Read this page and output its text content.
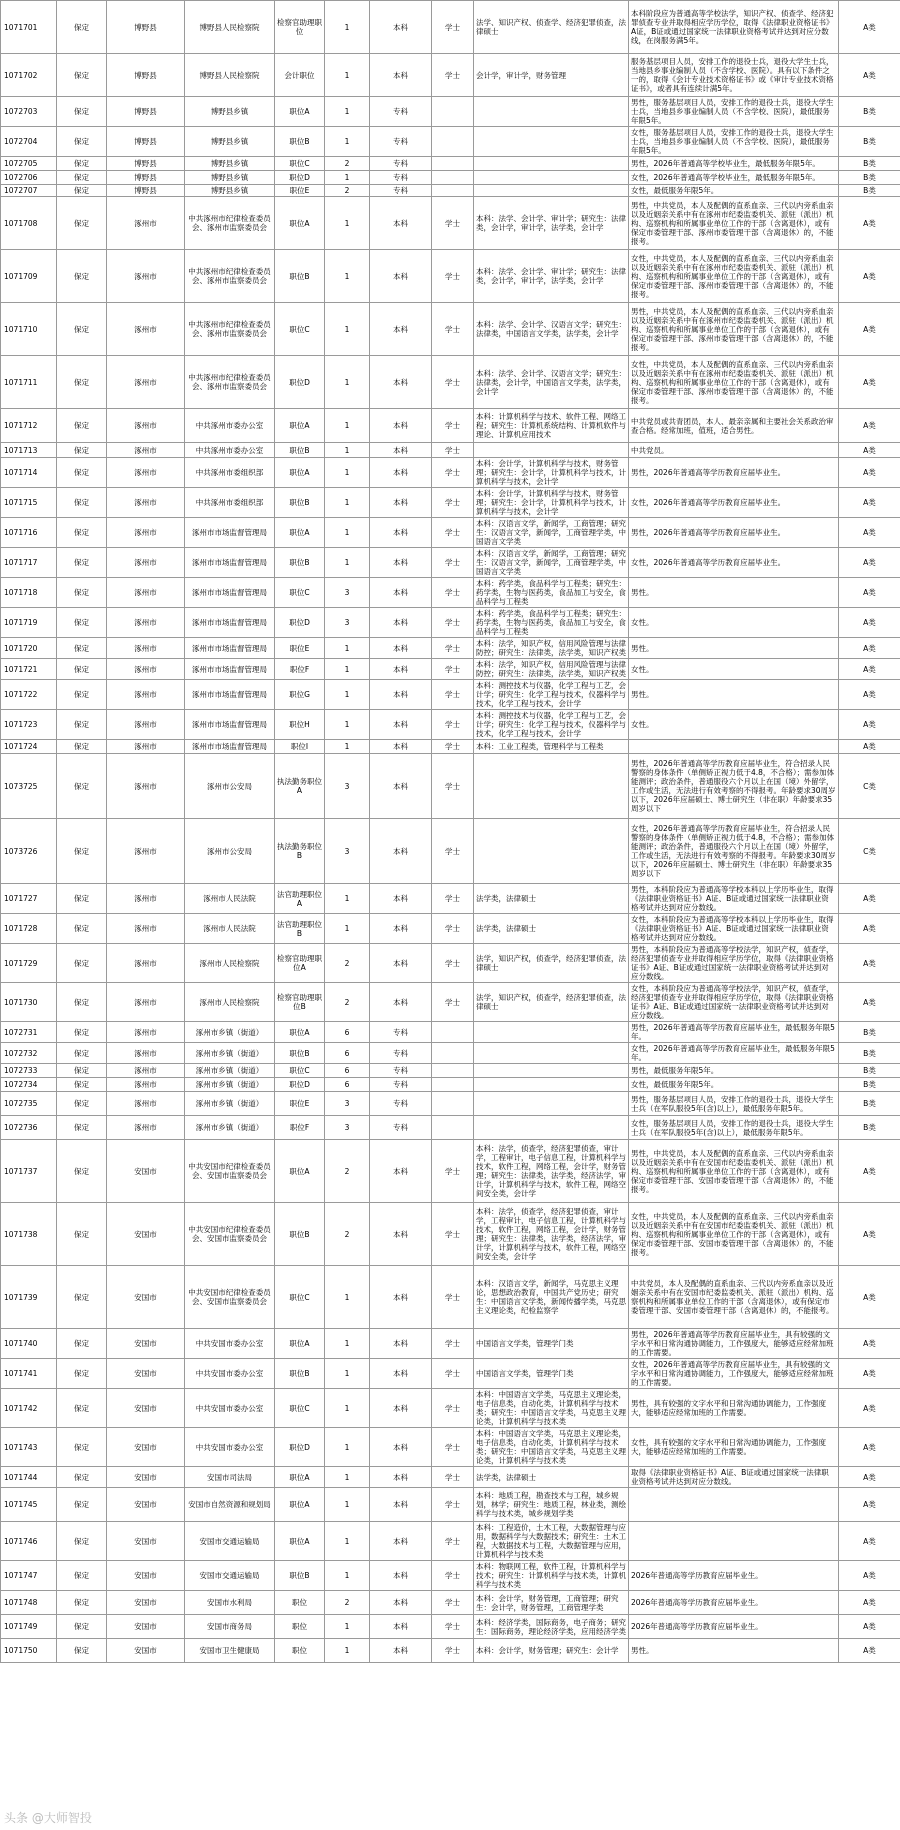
1071701	保定	博野县	博野县人民检察院	检察官助理职位	1	本科	学士	法学、知识产权、侦查学、经济犯罪侦查，法律硕士	本科阶段应为普通高等学校法学，知识产权、侦查学、经济犯罪侦查专业并取得相应学历学位，取得《法律职业资格证书》A证，B证或通过国家统一法律职业资格考试并达到对应分数线，在岗服务满5年。	A类
1071702	保定	博野县	博野县人民检察院	会计职位	1	本科	学士	会计学，审计学，财务管理	服务基层项目人员，安排工作的退役士兵，退役大学生士兵，当地县乡事业编制人员（不含学校、医院）。具有以下条件之一的，取得《会计专业技术资格证书》或《审计专业技术资格证书》，或者具有连续计满5年。	A类
1072703	保定	博野县	博野县乡镇	职位A	1	专科			男性，服务基层项目人员，安排工作的退役士兵，退役大学生士兵，当地县乡事业编制人员（不含学校、医院），最低服务年限5年。	B类
1072704	保定	博野县	博野县乡镇	职位B	1	专科			女性，服务基层项目人员，安排工作的退役士兵，退役大学生士兵，当地县乡事业编制人员（不含学校、医院），最低服务年限5年。	B类
1072705	保定	博野县	博野县乡镇	职位C	2	专科			男性，2026年普通高等学校毕业生，最低服务年限5年。	B类
1072706	保定	博野县	博野县乡镇	职位D	1	专科			女性，2026年普通高等学校毕业生，最低服务年限5年。	B类
1072707	保定	博野县	博野县乡镇	职位E	2	专科			女性，最低服务年限5年。	B类
1071708	保定	涿州市	中共涿州市纪律检查委员会、涿州市监察委员会	职位A	1	本科	学士	本科：法学、会计学、审计学；研究生：法律类，会计学，审计学，法学类，会计学	男性，中共党员，本人及配偶的直系血亲、三代以内旁系血亲以及近姻亲关系中有在涿州市纪委监委机关、派驻（派出）机构、巡察机构和所属事业单位工作的干部（含离退休），或有保定市委管理干部、涿州市委管理干部（含离退休）的，不能报考。	A类
1071709	保定	涿州市	中共涿州市纪律检查委员会、涿州市监察委员会	职位B	1	本科	学士	本科：法学、会计学、审计学；研究生：法律类，会计学，审计学，法学类，会计学	女性，中共党员，本人及配偶的直系血亲、三代以内旁系血亲以及近姻亲关系中有在涿州市纪委监委机关、派驻（派出）机构、巡察机构和所属事业单位工作的干部（含离退休），或有保定市委管理干部、涿州市委管理干部（含离退休）的，不能报考。	A类
1071710	保定	涿州市	中共涿州市纪律检查委员会、涿州市监察委员会	职位C	1	本科	学士	本科：法学、会计学、汉语言文学；研究生：法律类，中国语言文学类，法学类，会计学	男性，中共党员，本人及配偶的直系血亲、三代以内旁系血亲以及近姻亲关系中有在涿州市纪委监委机关、派驻（派出）机构、巡察机构和所属事业单位工作的干部（含离退休），或有保定市委管理干部、涿州市委管理干部（含离退休）的，不能报考。	A类
1071711	保定	涿州市	中共涿州市纪律检查委员会、涿州市监察委员会	职位D	1	本科	学士	本科：法学、会计学、汉语言文学；研究生：法律类，会计学，中国语言文学类，法学类，会计学	女性，中共党员，本人及配偶的直系血亲、三代以内旁系血亲以及近姻亲关系中有在涿州市纪委监委机关、派驻（派出）机构、巡察机构和所属事业单位工作的干部（含离退休），或有保定市委管理干部、涿州市委管理干部（含离退休）的，不能报考。	A类
1071712	保定	涿州市	中共涿州市委办公室	职位A	1	本科	学士	本科：计算机科学与技术、软件工程、网络工程；研究生：计算机系统结构、计算机软件与理论、计算机应用技术	中共党员或共青团员，本人、最亲亲属和主要社会关系政治审查合格。经常加班，值班，适合男性。	A类
1071713	保定	涿州市	中共涿州市委办公室	职位B	1	本科	学士		中共党员。	A类
1071714	保定	涿州市	中共涿州市委组织部	职位A	1	本科	学士	本科：会计学，计算机科学与技术，财务管理；研究生：会计学，计算机科学与技术，计算机科学与技术，会计学	男性，2026年普通高等学历教育应届毕业生。	A类
1071715	保定	涿州市	中共涿州市委组织部	职位B	1	本科	学士	本科：会计学，计算机科学与技术，财务管理；研究生：会计学，计算机科学与技术，计算机科学与技术，会计学	女性，2026年普通高等学历教育应届毕业生。	A类
1071716	保定	涿州市	涿州市市场监督管理局	职位A	1	本科	学士	本科：汉语言文学，新闻学，工商管理；研究生：汉语言文学，新闻学，工商管理学类，中国语言文学类	男性，2026年普通高等学历教育应届毕业生。	A类
1071717	保定	涿州市	涿州市市场监督管理局	职位B	1	本科	学士	本科：汉语言文学，新闻学，工商管理；研究生：汉语言文学，新闻学，工商管理学类，中国语言文学类	女性，2026年普通高等学历教育应届毕业生。	A类
1071718	保定	涿州市	涿州市市场监督管理局	职位C	3	本科	学士	本科：药学类，食品科学与工程类；研究生：药学类，生物与医药类，食品加工与安全，食品科学与工程类	男性。	A类
1071719	保定	涿州市	涿州市市场监督管理局	职位D	3	本科	学士	本科：药学类，食品科学与工程类；研究生：药学类，生物与医药类，食品加工与安全，食品科学与工程类	女性。	A类
1071720	保定	涿州市	涿州市市场监督管理局	职位E	1	本科	学士	本科：法学，知识产权，信用风险管理与法律防控；研究生：法律类，法学类，知识产权类	男性。	A类
1071721	保定	涿州市	涿州市市场监督管理局	职位F	1	本科	学士	本科：法学，知识产权，信用风险管理与法律防控；研究生：法律类，法学类，知识产权类	女性。	A类
1071722	保定	涿州市	涿州市市场监督管理局	职位G	1	本科	学士	本科：测控技术与仪器，化学工程与工艺，会计学；研究生：化学工程与技术，仪器科学与技术，化学工程与技术，会计学	男性。	A类
1071723	保定	涿州市	涿州市市场监督管理局	职位H	1	本科	学士	本科：测控技术与仪器，化学工程与工艺，会计学；研究生：化学工程与技术，仪器科学与技术，化学工程与技术，会计学	女性。	A类
1071724	保定	涿州市	涿州市市场监督管理局	职位I	1	本科	学士	本科：工业工程类，管理科学与工程类		A类
1073725	保定	涿州市	涿州市公安局	执法勤务职位A	3	本科	学士		男性，2026年普通高等学历教育应届毕业生，符合招录人民警察的身体条件（单侧矫正视力低于4.8，不合格）；需参加体能测评；政治条件，普通服役六个月以上在国（境）外留学，工作或生活，无法进行有效考察的不得报考。年龄要求30周岁以下，2026年应届硕士、博士研究生（非在职）年龄要求35周岁以下	C类
1073726	保定	涿州市	涿州市公安局	执法勤务职位B	3	本科	学士		女性，2026年普通高等学历教育应届毕业生，符合招录人民警察的身体条件（单侧矫正视力低于4.8，不合格）；需参加体能测评；政治条件，普通服役六个月以上在国（境）外留学，工作或生活，无法进行有效考察的不得报考。年龄要求30周岁以下，2026年应届硕士、博士研究生（非在职）年龄要求35周岁以下	C类
1071727	保定	涿州市	涿州市人民法院	法官助理职位A	1	本科	学士	法学类，法律硕士	男性，本科阶段应为普通高等学校本科以上学历毕业生，取得《法律职业资格证书》A证、B证或通过国家统一法律职业资格考试并达到对应分数线。	A类
1071728	保定	涿州市	涿州市人民法院	法官助理职位B	1	本科	学士	法学类，法律硕士	女性，本科阶段应为普通高等学校本科以上学历毕业生，取得《法律职业资格证书》A证、B证或通过国家统一法律职业资格考试并达到对应分数线。	A类
1071729	保定	涿州市	涿州市人民检察院	检察官助理职位A	2	本科	学士	法学，知识产权，侦查学，经济犯罪侦查，法律硕士	男性，本科阶段应为普通高等学校法学，知识产权，侦查学，经济犯罪侦查专业并取得相应学历学位，取得《法律职业资格证书》A证、B证或通过国家统一法律职业资格考试并达到对应分数线。	A类
1071730	保定	涿州市	涿州市人民检察院	检察官助理职位B	2	本科	学士	法学，知识产权，侦查学，经济犯罪侦查，法律硕士	女性，本科阶段应为普通高等学校法学，知识产权，侦查学，经济犯罪侦查专业并取得相应学历学位，取得《法律职业资格证书》A证、B证或通过国家统一法律职业资格考试并达到对应分数线。	A类
1072731	保定	涿州市	涿州市乡镇（街道）	职位A	6	专科			男性，2026年普通高等学历教育应届毕业生，最低服务年限5年。	B类
1072732	保定	涿州市	涿州市乡镇（街道）	职位B	6	专科			女性，2026年普通高等学历教育应届毕业生，最低服务年限5年。	B类
1072733	保定	涿州市	涿州市乡镇（街道）	职位C	6	专科			男性，最低服务年限5年。	B类
1072734	保定	涿州市	涿州市乡镇（街道）	职位D	6	专科			女性，最低服务年限5年。	B类
1072735	保定	涿州市	涿州市乡镇（街道）	职位E	3	专科			男性，服务基层项目人员，安排工作的退役士兵，退役大学生士兵（在军队服役5年(含)以上），最低服务年限5年。	B类
1072736	保定	涿州市	涿州市乡镇（街道）	职位F	3	专科			女性，服务基层项目人员，安排工作的退役士兵，退役大学生士兵（在军队服役5年(含)以上），最低服务年限5年。	B类
1071737	保定	安国市	中共安国市纪律检查委员会、安国市监察委员会	职位A	2	本科	学士	本科：法学，侦查学，经济犯罪侦查，审计学，工程审计，电子信息工程，计算机科学与技术，软件工程，网络工程，会计学，财务管理；研究生：法律类，法学类，经济法学，审计学，计算机科学与技术，软件工程，网络空间安全类，会计学	男性，中共党员，本人及配偶的直系血亲、三代以内旁系血亲以及近姻亲关系中有在安国市纪委监委机关、派驻（派出）机构、巡察机构和所属事业单位工作的干部（含离退休），或有保定市委管理干部、安国市委管理干部（含离退休）的，不能报考。	A类
1071738	保定	安国市	中共安国市纪律检查委员会、安国市监察委员会	职位B	2	本科	学士	本科：法学，侦查学，经济犯罪侦查，审计学，工程审计，电子信息工程，计算机科学与技术，软件工程，网络工程，会计学，财务管理；研究生：法律类，法学类，经济法学，审计学，计算机科学与技术，软件工程，网络空间安全类，会计学	女性，中共党员，本人及配偶的直系血亲、三代以内旁系血亲以及近姻亲关系中有在安国市纪委监委机关、派驻（派出）机构、巡察机构和所属事业单位工作的干部（含离退休），或有保定市委管理干部、安国市委管理干部（含离退休）的，不能报考。	A类
1071739	保定	安国市	中共安国市纪律检查委员会、安国市监察委员会	职位C	1	本科	学士	本科：汉语言文学，新闻学，马克思主义理论，思想政治教育，中国共产党历史；研究生：中国语言文学类，新闻传播学类，马克思主义理论类，纪检监察学	中共党员，本人及配偶的直系血亲、三代以内旁系血亲以及近姻亲关系中有在安国市纪委监委机关、派驻（派出）机构、巡察机构和所属事业单位工作的干部（含离退休），或有保定市委管理干部、安国市委管理干部（含离退休）的，不能报考。	A类
1071740	保定	安国市	中共安国市委办公室	职位A	1	本科	学士	中国语言文学类，管理学门类	男性，2026年普通高等学历教育应届毕业生，具有较强的文字水平和日常沟通协调能力，工作强度大，能够适应经常加班的工作需要。	A类
1071741	保定	安国市	中共安国市委办公室	职位B	1	本科	学士	中国语言文学类，管理学门类	女性，2026年普通高等学历教育应届毕业生，具有较强的文字水平和日常沟通协调能力，工作强度大，能够适应经常加班的工作需要。	A类
1071742	保定	安国市	中共安国市委办公室	职位C	1	本科	学士	本科：中国语言文学类，马克思主义理论类，电子信息类，自动化类，计算机科学与技术类；研究生：中国语言文学类，马克思主义理论类，计算机科学与技术类	男性，具有较强的文字水平和日常沟通协调能力，工作强度大，能够适应经常加班的工作需要。	A类
1071743	保定	安国市	中共安国市委办公室	职位D	1	本科	学士	本科：中国语言文学类，马克思主义理论类，电子信息类，自动化类，计算机科学与技术类；研究生：中国语言文学类，马克思主义理论类，计算机科学与技术类	女性，具有较强的文字水平和日常沟通协调能力，工作强度大，能够适应经常加班的工作需要。	A类
1071744	保定	安国市	安国市司法局	职位A	1	本科	学士	法学类，法律硕士	取得《法律职业资格证书》A证、B证或通过国家统一法律职业资格考试并达到对应分数线。	A类
1071745	保定	安国市	安国市自然资源和规划局	职位A	1	本科	学士	本科：地质工程，勘查技术与工程，城乡规划，林学；研究生：地质工程，林业类，测绘科学与技术类，城乡规划学类		A类
1071746	保定	安国市	安国市交通运输局	职位A	1	本科	学士	本科：工程造价，土木工程，大数据管理与应用，数据科学与大数据技术；研究生：土木工程，大数据技术与工程，大数据管理与应用，计算机科学与技术类		A类
1071747	保定	安国市	安国市交通运输局	职位B	1	本科	学士	本科：物联网工程，软件工程，计算机科学与技术；研究生：计算机科学与技术类，计算机科学与技术类	2026年普通高等学历教育应届毕业生。	A类
1071748	保定	安国市	安国市水利局	职位	2	本科	学士	本科：会计学，财务管理，工商管理；研究生：会计学，财务管理，工商管理学类	2026年普通高等学历教育应届毕业生。	A类
1071749	保定	安国市	安国市商务局	职位	1	本科	学士	本科：经济学类，国际商务，电子商务；研究生：国际商务，理论经济学类，应用经济学类	2026年普通高等学历教育应届毕业生。	A类
1071750	保定	安国市	安国市卫生健康局	职位	1	本科	学士	本科：会计学，财务管理；研究生：会计学	男性。	A类
头条 @大师智投
